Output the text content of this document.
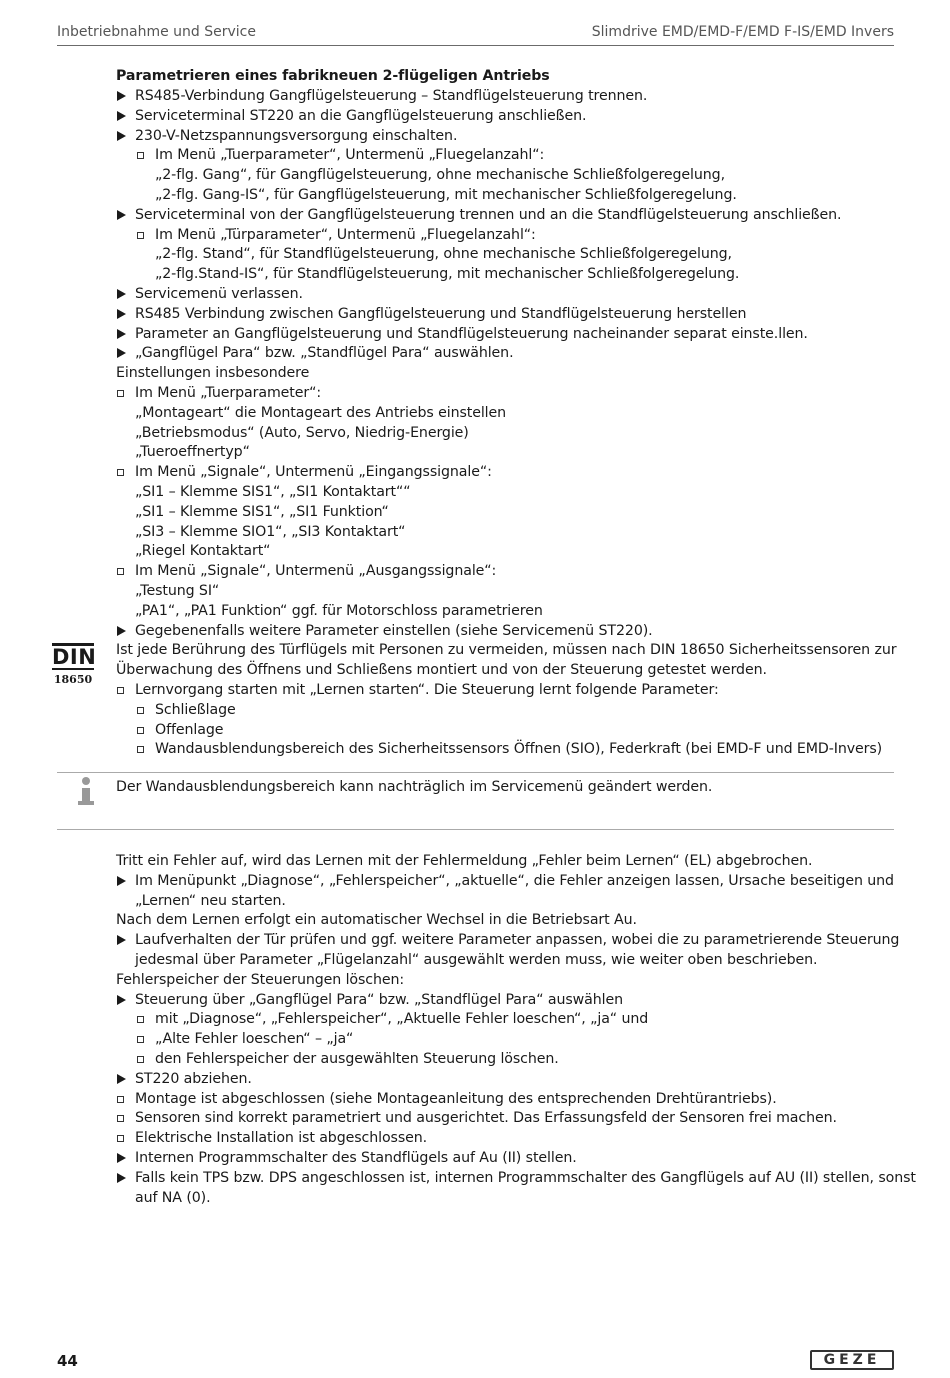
Inbetriebnahme und Service	Slimdrive EMD/EMD-F/EMD F-IS/EMD Invers
Parametrieren eines fabrikneuen 2-flügeligen Antriebs
RS485-Verbindung Gangflügelsteuerung – Standflügelsteuerung trennen.
Serviceterminal ST220 an die Gangflügelsteuerung anschließen.
230-V-Netzspannungsversorgung einschalten.
Im Menü „Tuerparameter“, Untermenü „Fluegelanzahl“:
„2-flg. Gang“, für Gangflügelsteuerung, ohne mechanische Schließfolgeregelung,
„2-flg. Gang-IS“, für Gangflügelsteuerung, mit mechanischer Schließfolgeregelung.
Serviceterminal von der Gangflügelsteuerung trennen und an die Standflügelsteuerung anschließen.
Im Menü „Türparameter“, Untermenü „Fluegelanzahl“:
„2-flg. Stand“, für Standflügelsteuerung, ohne mechanische Schließfolgeregelung,
„2-flg.Stand-IS“, für Standflügelsteuerung, mit mechanischer Schließfolgeregelung.
Servicemenü verlassen.
RS485 Verbindung zwischen Gangflügelsteuerung und Standflügelsteuerung herstellen
Parameter an Gangflügelsteuerung und Standflügelsteuerung nacheinander separat einste.llen.
„Gangflügel Para“ bzw. „Standflügel Para“ auswählen.
Einstellungen insbesondere
Im Menü „Tuerparameter“:
„Montageart“ die Montageart des Antriebs einstellen
„Betriebsmodus“ (Auto, Servo, Niedrig-Energie)
„Tueroeffnertyp“
Im Menü „Signale“, Untermenü „Eingangssignale“:
„SI1 – Klemme SIS1“, „SI1 Kontaktart““
„SI1 – Klemme SIS1“, „SI1 Funktion“
„SI3 – Klemme SIO1“, „SI3 Kontaktart“
„Riegel Kontaktart“
Im Menü „Signale“, Untermenü „Ausgangssignale“:
„Testung SI“
„PA1“, „PA1 Funktion“ ggf. für Motorschloss parametrieren
Gegebenenfalls weitere Parameter einstellen (siehe Servicemenü ST220).
Ist jede Berührung des Türflügels mit Personen zu vermeiden, müssen nach DIN 18650 Sicherheitssensoren zur
Überwachung des Öffnens und Schließens montiert und von der Steuerung getestet werden.
Lernvorgang starten mit „Lernen starten“. Die Steuerung lernt folgende Parameter:
Schließlage
Offenlage
Wandausblendungsbereich des Sicherheitssensors Öffnen (SIO), Federkraft (bei EMD-F und EMD-Invers)
Tritt ein Fehler auf, wird das Lernen mit der Fehlermeldung „Fehler beim Lernen“ (EL) abgebrochen.
Im Menüpunkt „Diagnose“, „Fehlerspeicher“, „aktuelle“, die Fehler anzeigen lassen, Ursache beseitigen und
„Lernen“ neu starten.
Nach dem Lernen erfolgt ein automatischer Wechsel in die Betriebsart Au.
Laufverhalten der Tür prüfen und ggf. weitere Parameter anpassen, wobei die zu parametrierende Steuerung
jedesmal über Parameter „Flügelanzahl“ ausgewählt werden muss, wie weiter oben beschrieben.
Fehlerspeicher der Steuerungen löschen:
Steuerung über „Gangflügel Para“ bzw. „Standflügel Para“ auswählen
mit „Diagnose“, „Fehlerspeicher“, „Aktuelle Fehler loeschen“, „ja“ und
„Alte Fehler loeschen“ – „ja“
den Fehlerspeicher der ausgewählten Steuerung löschen.
ST220 abziehen.
Montage ist abgeschlossen (siehe Montageanleitung des entsprechenden Drehtürantriebs).
Sensoren sind korrekt parametriert und ausgerichtet. Das Erfassungsfeld der Sensoren frei machen.
Elektrische Installation ist abgeschlossen.
Internen Programmschalter des Standflügels auf Au (II) stellen.
Falls kein TPS bzw. DPS angeschlossen ist, internen Programmschalter des Gangflügels auf AU (II) stellen, sonst
auf NA (0).
Der Wandausblendungsbereich kann nachträglich im Servicemenü geändert werden.
DIN
18650
44	GEZE
